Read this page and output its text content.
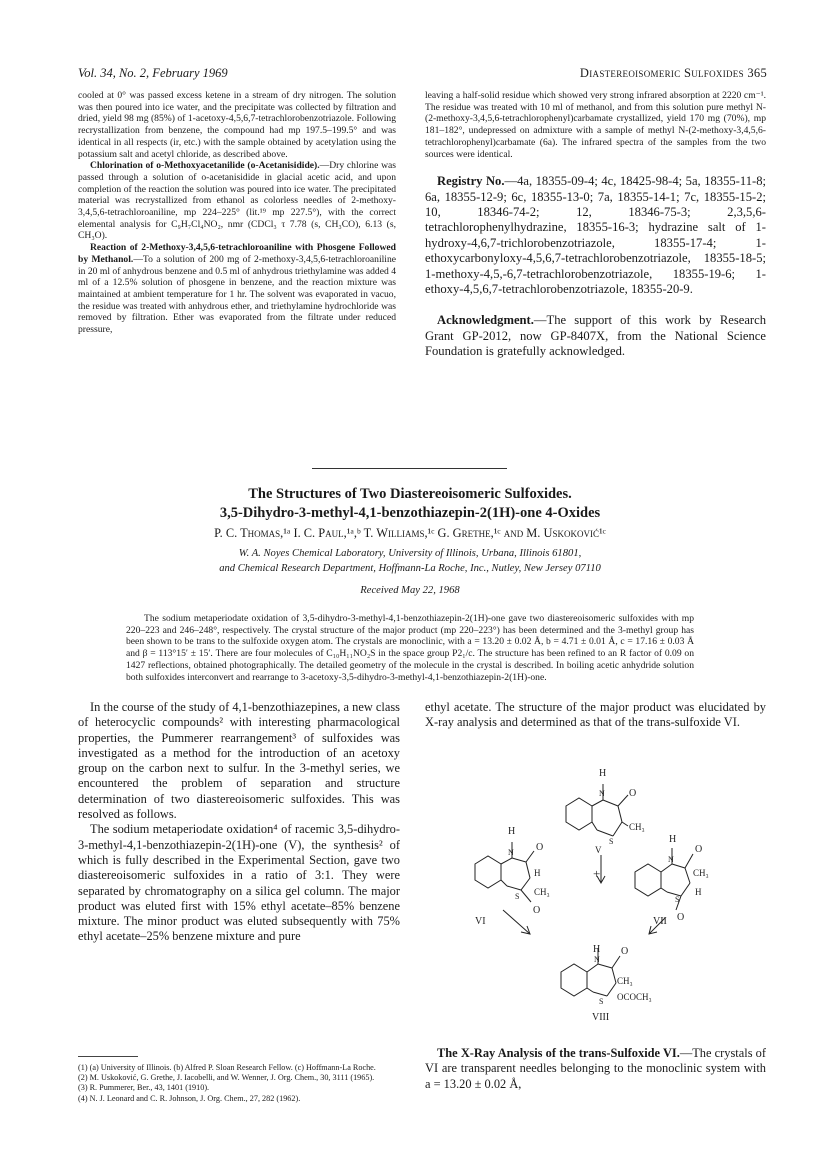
Vol. 34, No. 2, February 1969	Diastereoisomeric Sulfoxides 365

cooled at 0° was passed excess ketene in a stream of dry nitrogen. The solution was then poured into ice water, and the precipitate was collected by filtration and dried, yield 98 mg (85%) of 1-acetoxy-4,5,6,7-tetrachlorobenzotriazole. Following recrystallization from benzene, the compound had mp 197.5–199.5° and was identical in all respects (ir, etc.) with the sample obtained by acetylation using the potassium salt and acetyl chloride, as described above.

Chlorination of o-Methoxyacetanilide (o-Acetanisidide).—Dry chlorine was passed through a solution of o-acetanisidide in glacial acetic acid, and upon completion of the reaction the solution was poured into ice water. The precipitated material was recrystallized from ethanol as colorless needles of 2-methoxy-3,4,5,6-tetrachloroaniline, mp 224–225° (lit.¹⁹ mp 227.5°), with the correct elemental analysis for C₉H₇Cl₄NO₂, nmr (CDCl₃ τ 7.78 (s, CH₃CO), 6.13 (s, CH₃O).

Reaction of 2-Methoxy-3,4,5,6-tetrachloroaniline with Phosgene Followed by Methanol.—To a solution of 200 mg of 2-methoxy-3,4,5,6-tetrachloroaniline in 20 ml of anhydrous benzene and 0.5 ml of anhydrous triethylamine was added 4 ml of a 12.5% solution of phosgene in benzene, and the reaction mixture was maintained at ambient temperature for 1 hr. The solvent was evaporated in vacuo, the residue was treated with anhydrous ether, and triethylamine hydrochloride was removed by filtration. Ether was evaporated from the filtrate under reduced pressure,

leaving a half-solid residue which showed very strong infrared absorption at 2220 cm⁻¹. The residue was treated with 10 ml of methanol, and from this solution pure methyl N-(2-methoxy-3,4,5,6-tetrachlorophenyl)carbamate crystallized, yield 170 mg (70%), mp 181–182°, undepressed on admixture with a sample of methyl N-(2-methoxy-3,4,5,6-tetrachlorophenyl)carbamate (6a). The infrared spectra of the samples from the two sources were identical.

Registry No.—4a, 18355-09-4; 4c, 18425-98-4; 5a, 18355-11-8; 6a, 18355-12-9; 6c, 18355-13-0; 7a, 18355-14-1; 7c, 18355-15-2; 10, 18346-74-2; 12, 18346-75-3; 2,3,5,6-tetrachlorophenylhydrazine, 18355-16-3; hydrazine salt of 1-hydroxy-4,6,7-trichlorobenzotriazole, 18355-17-4; 1-ethoxycarbonyloxy-4,5,6,7-tetrachlorobenzotriazole, 18355-18-5; 1-methoxy-4,5,-6,7-tetrachlorobenzotriazole, 18355-19-6; 1-ethoxy-4,5,6,7-tetrachlorobenzotriazole, 18355-20-9.

Acknowledgment.—The support of this work by Research Grant GP-2012, now GP-8407X, from the National Science Foundation is gratefully acknowledged.

The Structures of Two Diastereoisomeric Sulfoxides.
3,5-Dihydro-3-methyl-4,1-benzothiazepin-2(1H)-one 4-Oxides
P. C. Thomas,¹ᵃ I. C. Paul,¹ᵃ,ᵇ T. Williams,¹ᶜ G. Grethe,¹ᶜ and M. Uskoković¹ᶜ
W. A. Noyes Chemical Laboratory, University of Illinois, Urbana, Illinois 61801,
and Chemical Research Department, Hoffmann-La Roche, Inc., Nutley, New Jersey 07110
Received May 22, 1968
The sodium metaperiodate oxidation of 3,5-dihydro-3-methyl-4,1-benzothiazepin-2(1H)-one gave two diastereoisomeric sulfoxides with mp 220–223 and 246–248°, respectively. The crystal structure of the major product (mp 220–223°) has been determined and the 3-methyl group has been shown to be trans to the sulfoxide oxygen atom. The crystals are monoclinic, with a = 13.20 ± 0.02 Å, b = 4.71 ± 0.01 Å, c = 17.16 ± 0.03 Å and β = 113°15′ ± 15′. There are four molecules of C₁₀H₁₁NO₂S in the space group P2₁/c. The structure has been refined to an R factor of 0.09 on 1427 reflections, obtained photographically. The detailed geometry of the molecule in the crystal is described. In boiling acetic anhydride solution both sulfoxides interconvert and rearrange to 3-acetoxy-3,5-dihydro-3-methyl-4,1-benzothiazepin-2(1H)-one.
In the course of the study of 4,1-benzothiazepines, a new class of heterocyclic compounds² with interesting pharmacological properties, the Pummerer rearrangement³ of sulfoxides was investigated as a method for the introduction of an acetoxy group on the carbon next to sulfur. In the 3-methyl series, we encountered the problem of separation and structure determination of two diastereoisomeric sulfoxides. This was resolved as follows.
The sodium metaperiodate oxidation⁴ of racemic 3,5-dihydro-3-methyl-4,1-benzothiazepin-2(1H)-one (V), the synthesis² of which is fully described in the Experimental Section, gave two diastereoisomeric sulfoxides in a ratio of 3:1. They were separated by chromatography on a silica gel column. The major product was eluted first with 15% ethyl acetate–85% benzene mixture. The minor product was eluted subsequently with 75% ethyl acetate–25% benzene mixture and pure
ethyl acetate. The structure of the major product was elucidated by X-ray analysis and determined as that of the trans-sulfoxide VI.
H
N O
CH₃
S
V
H
N O
H
CH₃
S
O
VI
+
H
N
O
CH₃
H
S
O
VII
H
N
O
CH₃
OCOCH₃
S
VIII
The X-Ray Analysis of the trans-Sulfoxide VI.—The crystals of VI are transparent needles belonging to the monoclinic system with a = 13.20 ± 0.02 Å,

(1) (a) University of Illinois. (b) Alfred P. Sloan Research Fellow. (c) Hoffmann-La Roche.

(2) M. Uskoković, G. Grethe, J. Iacobelli, and W. Wenner, J. Org. Chem., 30, 3111 (1965).

(3) R. Pummerer, Ber., 43, 1401 (1910).

(4) N. J. Leonard and C. R. Johnson, J. Org. Chem., 27, 282 (1962).
